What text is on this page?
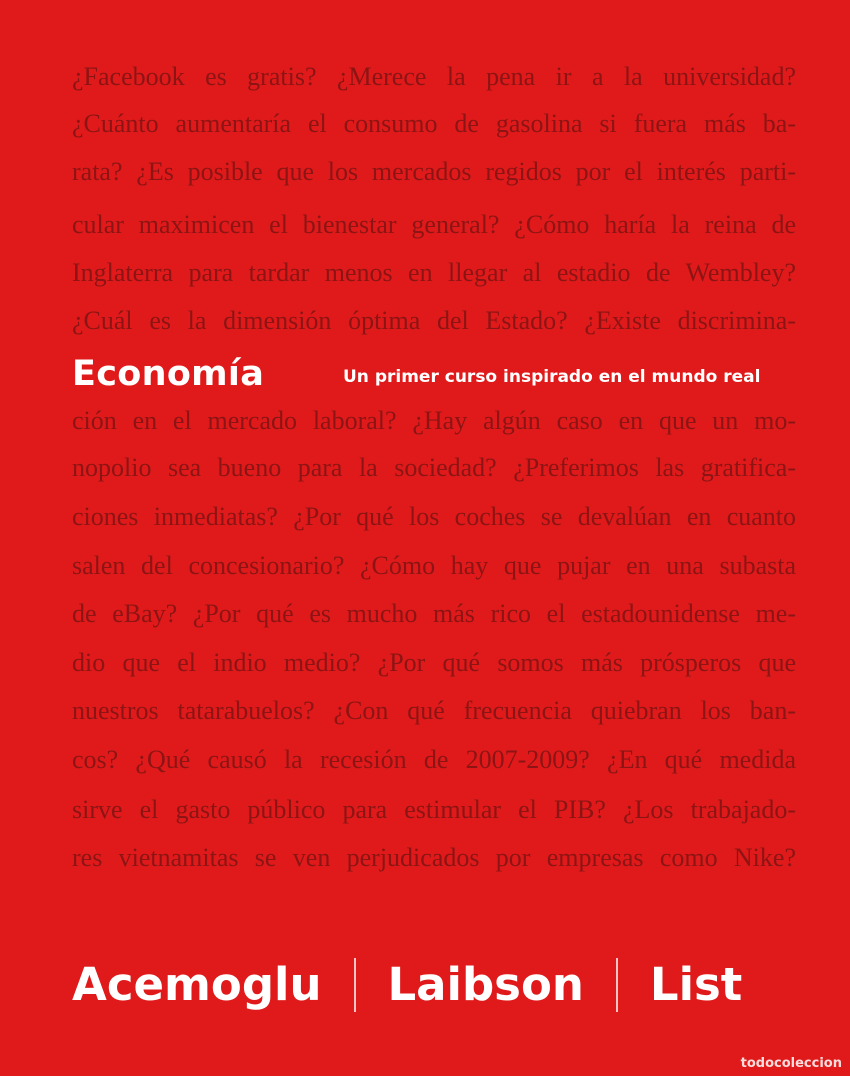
¿Facebook es gratis? ¿Merece la pena ir a la universidad?
¿Cuánto aumentaría el consumo de gasolina si fuera más ba-
rata? ¿Es posible que los mercados regidos por el interés parti-
cular maximicen el bienestar general? ¿Cómo haría la reina de
Inglaterra para tardar menos en llegar al estadio de Wembley?
¿Cuál es la dimensión óptima del Estado? ¿Existe discrimina-
Economía	Un primer curso inspirado en el mundo real
ción en el mercado laboral? ¿Hay algún caso en que un mo-
nopolio sea bueno para la sociedad? ¿Preferimos las gratifica-
ciones inmediatas? ¿Por qué los coches se devalúan en cuanto
salen del concesionario? ¿Cómo hay que pujar en una subasta
de eBay? ¿Por qué es mucho más rico el estadounidense me-
dio que el indio medio? ¿Por qué somos más prósperos que
nuestros tatarabuelos? ¿Con qué frecuencia quiebran los ban-
cos? ¿Qué causó la recesión de 2007-2009? ¿En qué medida
sirve el gasto público para estimular el PIB? ¿Los trabajado-
res vietnamitas se ven perjudicados por empresas como Nike?
Acemoglu Laibson List
todocoleccion
